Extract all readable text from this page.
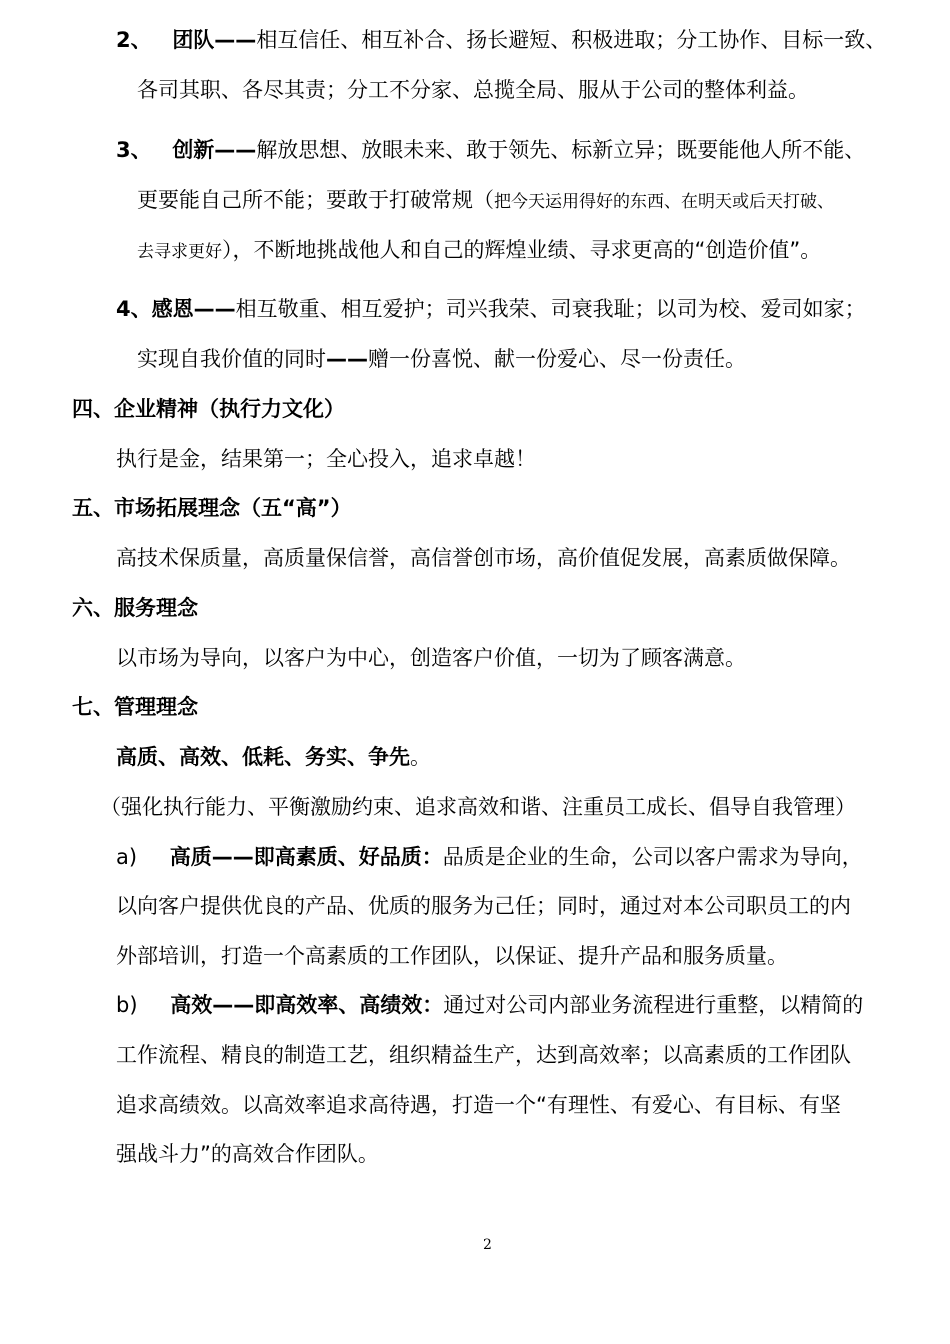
2、 团队——相互信任、相互补合、扬长避短、积极进取；分工协作、目标一致、
各司其职、各尽其责；分工不分家、总揽全局、服从于公司的整体利益。
3、 创新——解放思想、放眼未来、敢于领先、标新立异；既要能他人所不能、
更要能自己所不能；要敢于打破常规（把今天运用得好的东西、在明天或后天打破、
去寻求更好），不断地挑战他人和自己的辉煌业绩、寻求更高的“创造价值”。
4、感恩——相互敬重、相互爱护；司兴我荣、司衰我耻；以司为校、爱司如家；
实现自我价值的同时——赠一份喜悦、献一份爱心、尽一份责任。
四、企业精神（执行力文化）
执行是金，结果第一；全心投入，追求卓越！
五、市场拓展理念（五“高”）
高技术保质量，高质量保信誉，高信誉创市场，高价值促发展，高素质做保障。
六、服务理念
以市场为导向，以客户为中心，创造客户价值，一切为了顾客满意。
七、管理理念
高质、高效、低耗、务实、争先。
（强化执行能力、平衡激励约束、追求高效和谐、注重员工成长、倡导自我管理）
a) 高质——即高素质、好品质：品质是企业的生命，公司以客户需求为导向，
以向客户提供优良的产品、优质的服务为己任；同时，通过对本公司职员工的内
外部培训，打造一个高素质的工作团队，以保证、提升产品和服务质量。
b) 高效——即高效率、高绩效：通过对公司内部业务流程进行重整，以精简的
工作流程、精良的制造工艺，组织精益生产，达到高效率；以高素质的工作团队
追求高绩效。以高效率追求高待遇，打造一个“有理性、有爱心、有目标、有坚
强战斗力”的高效合作团队。
2
